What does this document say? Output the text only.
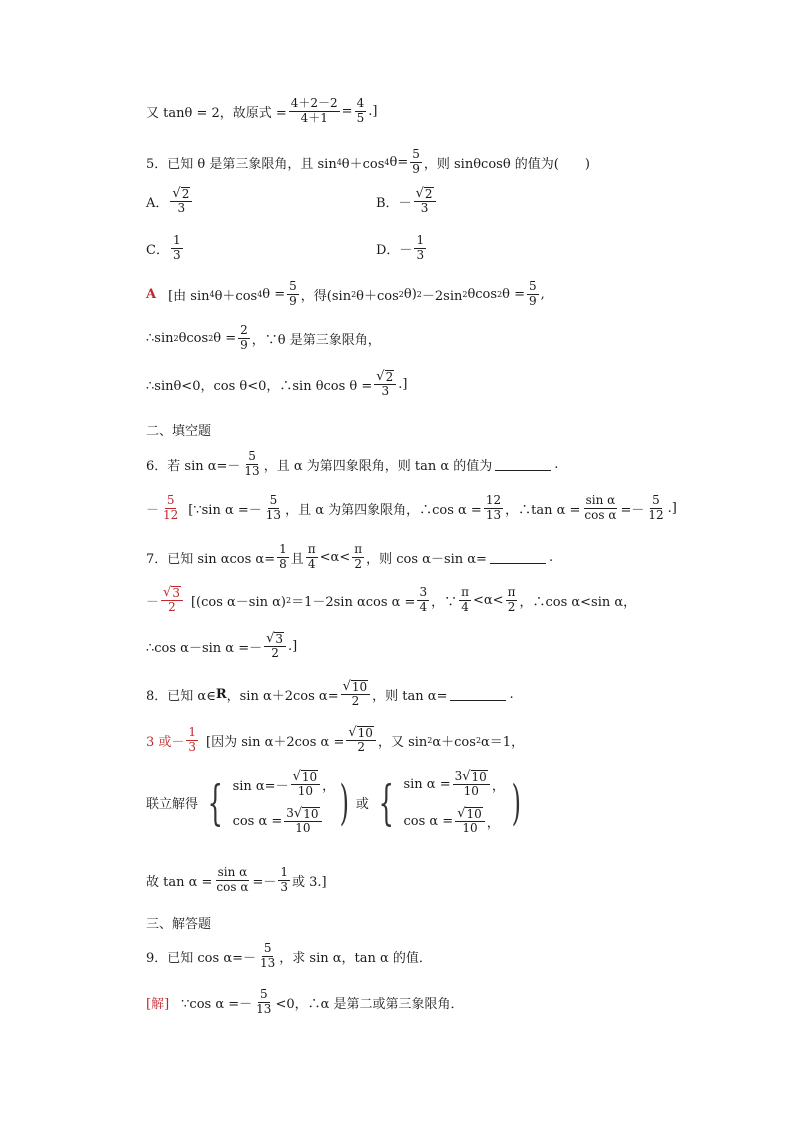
又 tanθ = 2，故原式 = $\frac{4+2-2}{4+1} = \frac{4}{5}$ .]
5．已知 θ 是第三象限角，且 sin 4 θ＋cos 4 $\theta= \frac{5}{9}$ ，则 sinθcosθ 的值为(　　)
A． $\frac{√ 2}{3}$	B．－ $\frac{√ 2}{3}$
C． $\frac{1}{3}$	D．－ $\frac{1}{3}$
A [由 sin 4 θ＋cos 4 $\theta = \frac{5}{9}$ ，得(sin 2 θ＋cos 2 θ) 2 －2sin 2 θcos 2 $\theta = \frac{5}{9}$ ,
∴sin 2 θcos 2 $\theta = \frac{2}{9}$ ，∵θ 是第三象限角，
∴sinθ<0，cos θ<0，∴sin θcos $\theta = \frac{√ 2}{3}$ .]
二、填空题
6．若 $\sin \alpha=- \frac{5}{13}$ ，且 α 为第四象限角，则 tan α 的值为	.
－ $\frac{5}{12}$ [∵sin $\alpha =- \frac{5}{13}$ ，且 α 为第四象限角，∴cos $\alpha = \frac{12}{13}$ ，∴tan $\alpha = \frac{\text{sin α}}{\text{cos α}} =- \frac{5}{12}$ .]
7．已知 sin αcos $\alpha= \frac{1}{8}$ 且 $\frac{\pi}{4} <\alpha< \frac{\pi}{2}$ ，则 cos α－sin α=	.
－ $\frac{√ 3}{2} [(\cos$ α－sin α) 2 ＝1－2sin αcos $\alpha = \frac{3}{4}$ ，∵ $\frac{\pi}{4} <\alpha< \frac{\pi}{2}$ ，∴cos α<sin α，
∴cos α－sin $\alpha =- \frac{√ 3}{2}$ .]
8．已知 α∈ R ，sin α＋2cos $\alpha= \frac{√ 10}{2}$ ，则 tan α=	.
3 或－ $\frac{1}{3}$ [因为 sin α＋2cos $\alpha = \frac{√ 10}{2}$ ，又 sin 2 α＋cos 2 α＝1，
联立解得 { $\sin \alpha=- \frac{√ 10}{10}$ ，
$\cos \alpha = \frac{3 √ 10}{10}$ ) 或 { $\sin \alpha = \frac{3 √ 10}{10}$ ，
$\cos \alpha = \frac{√ 10}{10}$ ， )
故 $\tan \alpha = \frac{\text{sin α}}{\text{cos α}} =- \frac{1}{3}$ 或 3.]
三、解答题
9．已知 $\cos \alpha=- \frac{5}{13}$ ，求 sin α，tan α 的值．
[解] ∵cos $\alpha =- \frac{5}{13} <0$，∴α 是第二或第三象限角．
